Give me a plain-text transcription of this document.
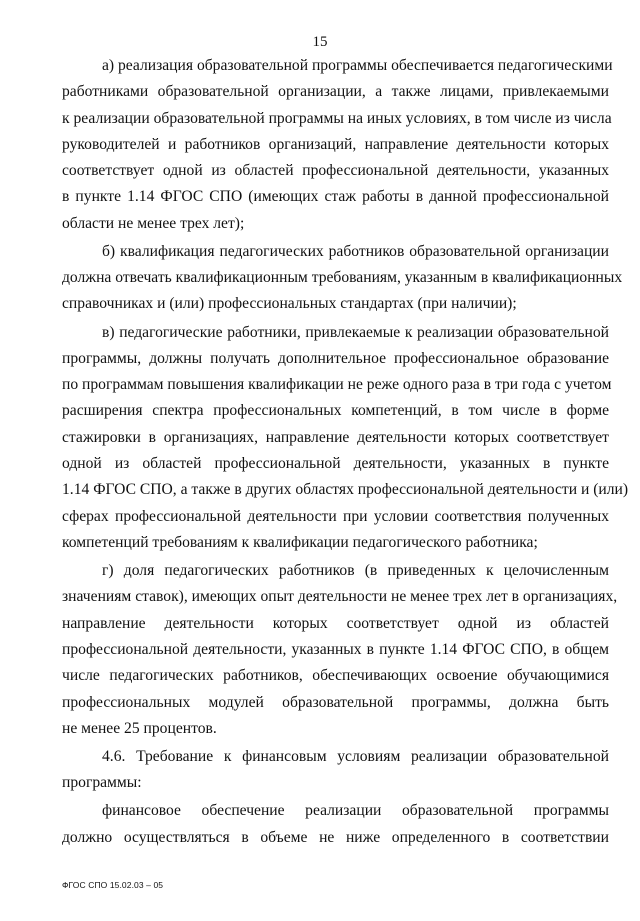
15
а) реализация образовательной программы обеспечивается педагогическими
работниками образовательной организации, а также лицами, привлекаемыми
к реализации образовательной программы на иных условиях, в том числе из числа
руководителей и работников организаций, направление деятельности которых
соответствует одной из областей профессиональной деятельности, указанных
в пункте 1.14 ФГОС СПО (имеющих стаж работы в данной профессиональной
области не менее трех лет);
б) квалификация педагогических работников образовательной организации
должна отвечать квалификационным требованиям, указанным в квалификационных
справочниках и (или) профессиональных стандартах (при наличии);
в) педагогические работники, привлекаемые к реализации образовательной
программы, должны получать дополнительное профессиональное образование
по программам повышения квалификации не реже одного раза в три года с учетом
расширения спектра профессиональных компетенций, в том числе в форме
стажировки в организациях, направление деятельности которых соответствует
одной из областей профессиональной деятельности, указанных в пункте
1.14 ФГОС СПО, а также в других областях профессиональной деятельности и (или)
сферах профессиональной деятельности при условии соответствия полученных
компетенций требованиям к квалификации педагогического работника;
г) доля педагогических работников (в приведенных к целочисленным
значениям ставок), имеющих опыт деятельности не менее трех лет в организациях,
направление деятельности которых соответствует одной из областей
профессиональной деятельности, указанных в пункте 1.14 ФГОС СПО, в общем
числе педагогических работников, обеспечивающих освоение обучающимися
профессиональных модулей образовательной программы, должна быть
не менее 25 процентов.
4.6. Требование к финансовым условиям реализации образовательной
программы:
финансовое обеспечение реализации образовательной программы
должно осуществляться в объеме не ниже определенного в соответствии
ФГОС СПО 15.02.03 – 05
